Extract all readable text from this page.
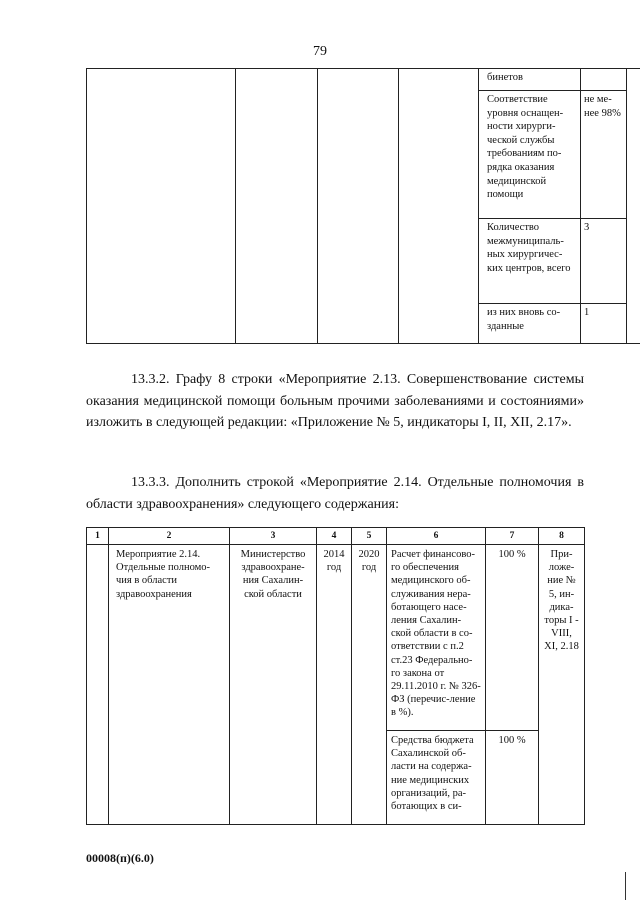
79
				бинетов			
				Соответствие уровня оснащен-ности хирурги-ческой службы требованиям по-рядка оказания медицинской помощи	не ме-нее 98%		
				Количество межмуниципаль-ных хирургичес-ких центров, всего	3		
				из них вновь со-зданные	1		

13.3.2. Графу 8 строки «Мероприятие 2.13. Совершенствование системы оказания медицинской помощи больным прочими заболеваниями и состояниями» изложить в следующей редакции: «Приложение № 5, индикаторы I, II, XII, 2.17».

13.3.3. Дополнить строкой «Мероприятие 2.14. Отдельные полномочия в области здравоохранения» следующего содержания:

1	2	3	4	5	6	7	8
	Мероприятие 2.14. Отдельные полномо-чия в области здравоохранения	Министерство здравоохране-ния Сахалин-ской области	2014 год	2020 год	Расчет финансово-го обеспечения медицинского об-служивания нера-ботающего насе-ления Сахалин-ской области в со-ответствии с п.2 ст.23 Федерально-го закона от 29.11.2010 г. № 326-ФЗ (перечис-ление в %).	100 %	При-ложе-ние № 5, ин-дика-торы I - VIII, XI, 2.18
					Средства бюджета Сахалинской об-ласти на содержа-ние медицинских организаций, ра-ботающих в си-	100 %	
00008(п)(6.0)
